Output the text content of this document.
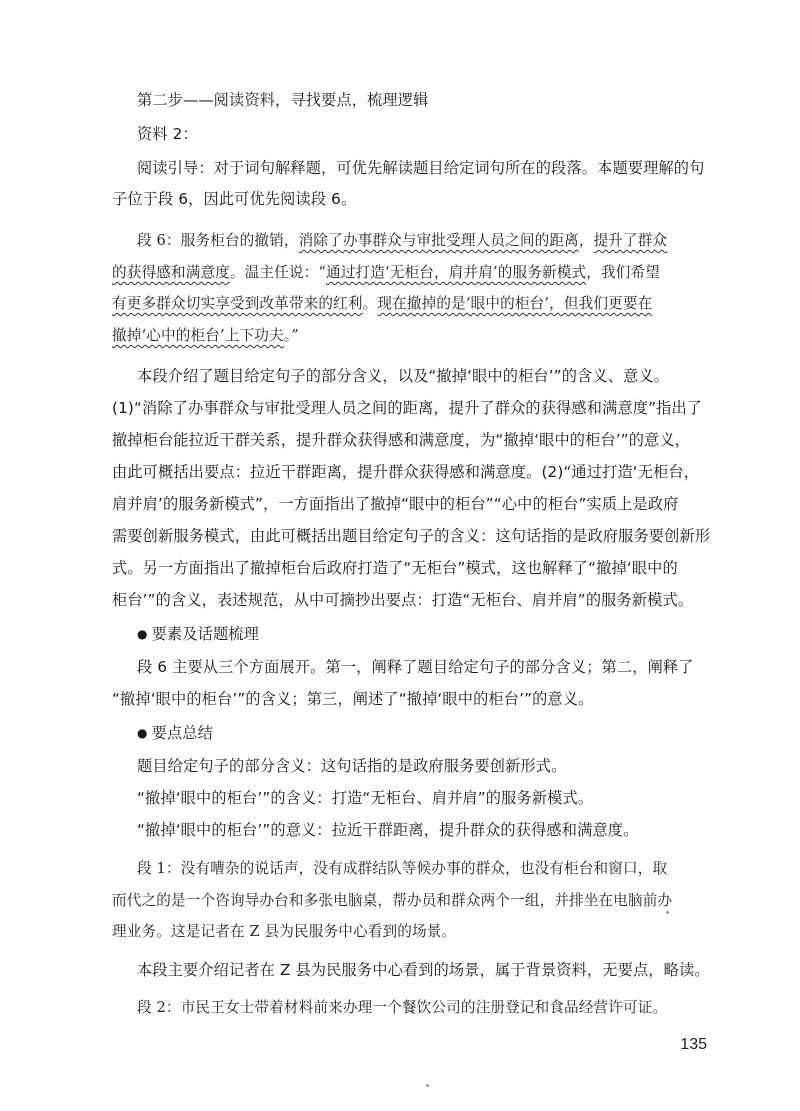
第二步——阅读资料，寻找要点，梳理逻辑
资料 2：
阅读引导：对于词句解释题，可优先解读题目给定词句所在的段落。本题要理解的句
子位于段 6，因此可优先阅读段 6。
段 6：服务柜台的撤销，消除了办事群众与审批受理人员之间的距离，提升了群众
的获得感和满意度。温主任说：“通过打造‘无柜台，肩并肩’的服务新模式，我们希望
有更多群众切实享受到改革带来的红利。现在撤掉的是‘眼中的柜台’，但我们更要在
撤掉‘心中的柜台’上下功夫。”
本段介绍了题目给定句子的部分含义，以及“撤掉‘眼中的柜台’”的含义、意义。
(1)“消除了办事群众与审批受理人员之间的距离，提升了群众的获得感和满意度”指出了
撤掉柜台能拉近干群关系，提升群众获得感和满意度，为“撤掉‘眼中的柜台’”的意义，
由此可概括出要点：拉近干群距离，提升群众获得感和满意度。(2)“通过打造‘无柜台，
肩并肩’的服务新模式”，一方面指出了撤掉“眼中的柜台”“心中的柜台”实质上是政府
需要创新服务模式，由此可概括出题目给定句子的含义：这句话指的是政府服务要创新形
式。另一方面指出了撤掉柜台后政府打造了“无柜台”模式，这也解释了“撤掉‘眼中的
柜台’”的含义，表述规范，从中可摘抄出要点：打造“无柜台、肩并肩”的服务新模式。
● 要素及话题梳理
段 6 主要从三个方面展开。第一，阐释了题目给定句子的部分含义；第二，阐释了
“撤掉‘眼中的柜台’”的含义；第三，阐述了“撤掉‘眼中的柜台’”的意义。
● 要点总结
题目给定句子的部分含义：这句话指的是政府服务要创新形式。
“撤掉‘眼中的柜台’”的含义：打造“无柜台、肩并肩”的服务新模式。
“撤掉‘眼中的柜台’”的意义：拉近干群距离，提升群众的获得感和满意度。
段 1：没有嘈杂的说话声，没有成群结队等候办事的群众，也没有柜台和窗口，取
而代之的是一个咨询导办台和多张电脑桌，帮办员和群众两个一组，并排坐在电脑前办
理业务。这是记者在 Z 县为民服务中心看到的场景。
本段主要介绍记者在 Z 县为民服务中心看到的场景，属于背景资料，无要点，略读。
段 2：市民王女士带着材料前来办理一个餐饮公司的注册登记和食品经营许可证。
135
